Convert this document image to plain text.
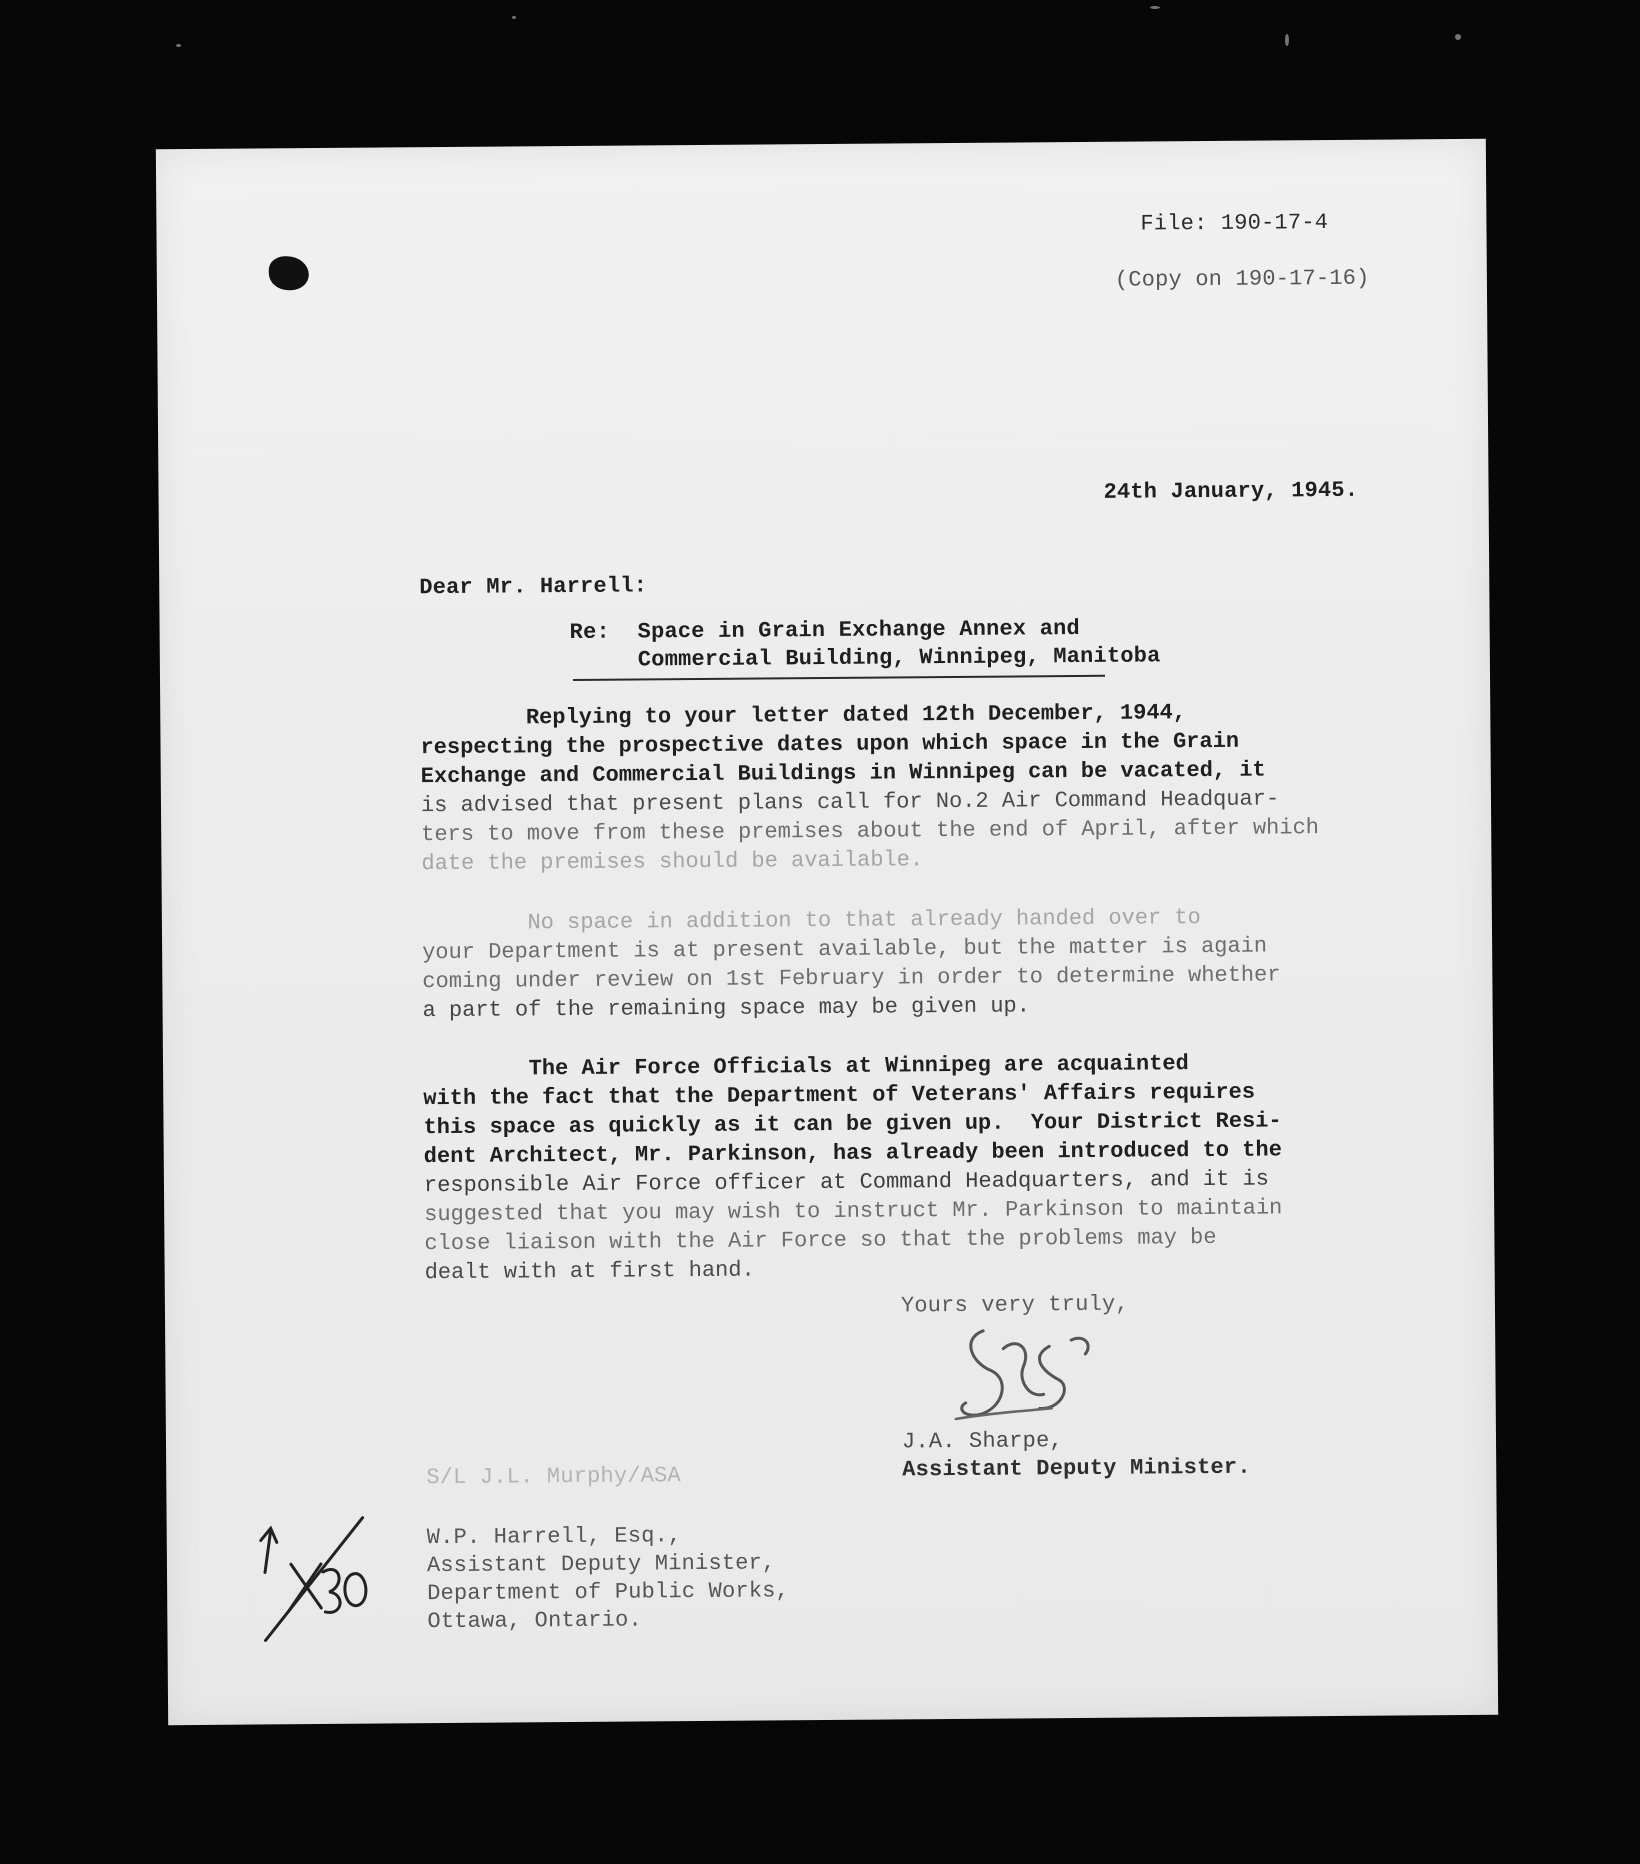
File: 190-17-4

(Copy on 190-17-16)

24th January, 1945.

Dear Mr. Harrell:

Re: Space in Grain Exchange Annex and

Commercial Building, Winnipeg, Manitoba

Replying to your letter dated 12th December, 1944,
respecting the prospective dates upon which space in the Grain
Exchange and Commercial Buildings in Winnipeg can be vacated, it
is advised that present plans call for No.2 Air Command Headquar-
ters to move from these premises about the end of April, after which
date the premises should be available.
No space in addition to that already handed over to
your Department is at present available, but the matter is again
coming under review on 1st February in order to determine whether
a part of the remaining space may be given up.
The Air Force Officials at Winnipeg are acquainted
with the fact that the Department of Veterans' Affairs requires
this space as quickly as it can be given up.  Your District Resi-
dent Architect, Mr. Parkinson, has already been introduced to the
responsible Air Force officer at Command Headquarters, and it is
suggested that you may wish to instruct Mr. Parkinson to maintain
close liaison with the Air Force so that the problems may be
dealt with at first hand.

Yours very truly,

J.A. Sharpe,

Assistant Deputy Minister.

S/L J.L. Murphy/ASA

W.P. Harrell, Esq.,

Assistant Deputy Minister,

Department of Public Works,

Ottawa, Ontario.
